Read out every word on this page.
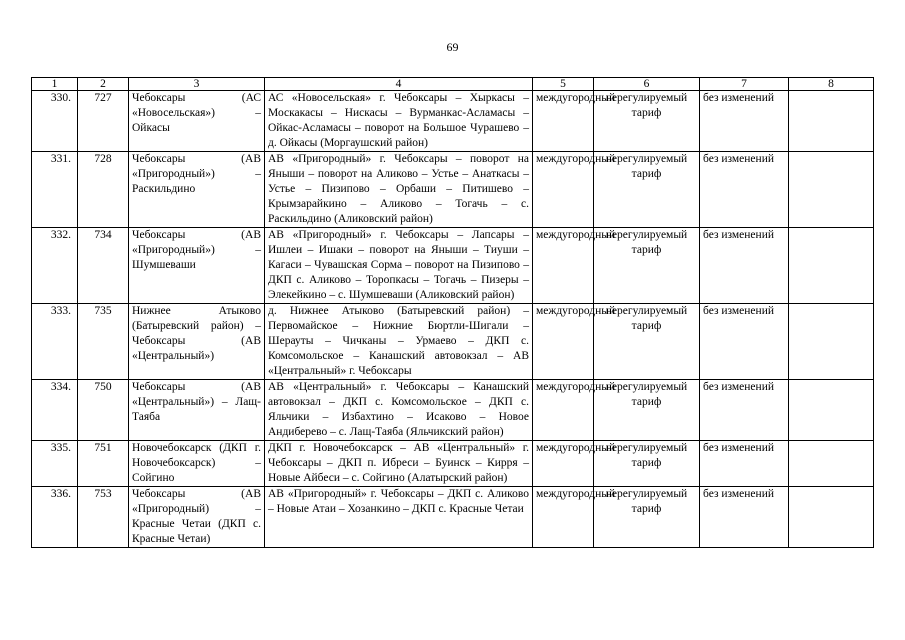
69
1	2	3	4	5	6	7	8
330.	727	Чебоксары (АС «Новосельская») – Ойкасы	АС «Новосельская» г. Чебоксары – Хыркасы – Москакасы – Нискасы – Вурманкас-Асламасы – Ойкас-Асламасы – поворот на Большое Чурашево – д. Ойкасы (Моргаушский район)	междугородный	нерегулируемый тариф	без изменений	
331.	728	Чебоксары (АВ «Пригородный») – Раскильдино	АВ «Пригородный» г. Чебоксары – поворот на Яныши – поворот на Аликово – Устье – Анаткасы – Устье – Пизипово – Орбаши – Питишево – Крымзарайкино – Аликово – Тогачь – с. Раскильдино (Аликовский район)	междугородный	нерегулируемый тариф	без изменений	
332.	734	Чебоксары (АВ «Пригородный») – Шумшеваши	АВ «Пригородный» г. Чебоксары – Лапсары – Ишлеи – Ишаки – поворот на Яныши – Тиуши – Кагаси – Чувашская Сорма – поворот на Пизипово – ДКП с. Аликово – Торопкасы – Тогачь – Пизеры – Элекейкино – с. Шумшеваши (Аликовский район)	междугородный	нерегулируемый тариф	без изменений	
333.	735	Нижнее Атыково (Батыревский район) – Чебоксары (АВ «Центральный»)	д. Нижнее Атыково (Батыревский район) – Первомайское – Нижние Бюртли-Шигали – Шерауты – Чичканы – Урмаево – ДКП с. Комсомольское – Канашский автовокзал – АВ «Центральный» г. Чебоксары	междугородный	нерегулируемый тариф	без изменений	
334.	750	Чебоксары (АВ «Центральный») – Лащ-Таяба	АВ «Центральный» г. Чебоксары – Канашский автовокзал – ДКП с. Комсомольское – ДКП с. Яльчики – Избахтино – Исаково – Новое Андиберево – с. Лащ-Таяба (Яльчикский район)	междугородный	нерегулируемый тариф	без изменений	
335.	751	Новочебоксарск (ДКП г. Новочебоксарск) – Сойгино	ДКП г. Новочебоксарск – АВ «Центральный» г. Чебоксары – ДКП п. Ибреси – Буинск – Кирря – Новые Айбеси – с. Сойгино (Алатырский район)	междугородный	нерегулируемый тариф	без изменений	
336.	753	Чебоксары (АВ «Пригородный) – Красные Четаи (ДКП с. Красные Четаи)	АВ «Пригородный» г. Чебоксары – ДКП с. Аликово – Новые Атаи – Хозанкино – ДКП с. Красные Четаи	междугородный	нерегулируемый тариф	без изменений	
